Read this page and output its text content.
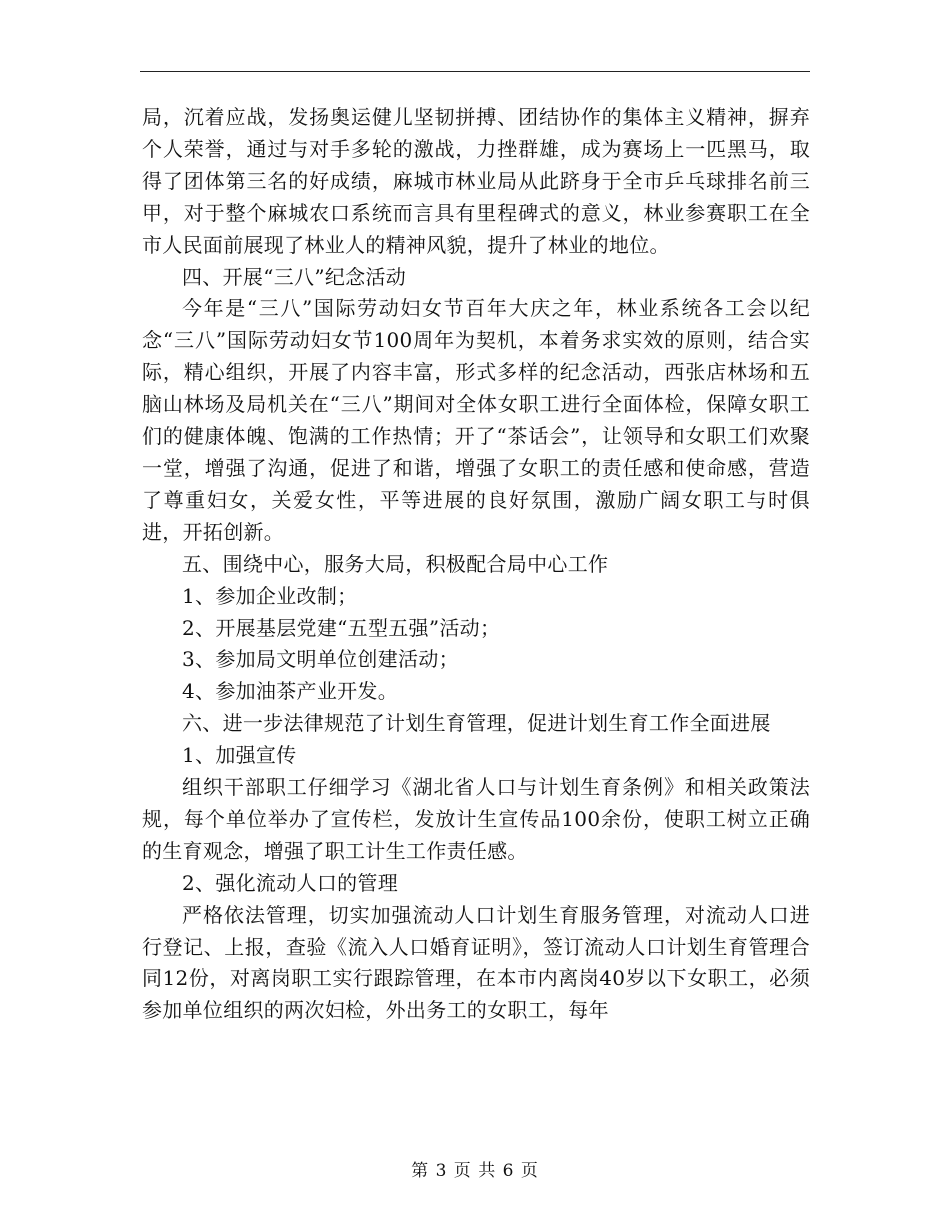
局，沉着应战，发扬奥运健儿坚韧拼搏、团结协作的集体主义精神，摒弃个人荣誉，通过与对手多轮的激战，力挫群雄，成为赛场上一匹黑马，取得了团体第三名的好成绩，麻城市林业局从此跻身于全市乒乓球排名前三甲，对于整个麻城农口系统而言具有里程碑式的意义，林业参赛职工在全市人民面前展现了林业人的精神风貌，提升了林业的地位。

四、开展“三八”纪念活动

今年是“三八”国际劳动妇女节百年大庆之年，林业系统各工会以纪念“三八”国际劳动妇女节100周年为契机，本着务求实效的原则，结合实际，精心组织，开展了内容丰富，形式多样的纪念活动，西张店林场和五脑山林场及局机关在“三八”期间对全体女职工进行全面体检，保障女职工们的健康体魄、饱满的工作热情；开了“茶话会”，让领导和女职工们欢聚一堂，增强了沟通，促进了和谐，增强了女职工的责任感和使命感，营造了尊重妇女，关爱女性，平等进展的良好氛围，激励广阔女职工与时俱进，开拓创新。

五、围绕中心，服务大局，积极配合局中心工作

1、参加企业改制；

2、开展基层党建“五型五强”活动；

3、参加局文明单位创建活动；

4、参加油茶产业开发。

六、进一步法律规范了计划生育管理，促进计划生育工作全面进展

1、加强宣传

组织干部职工仔细学习《湖北省人口与计划生育条例》和相关政策法规，每个单位举办了宣传栏，发放计生宣传品100余份，使职工树立正确的生育观念，增强了职工计生工作责任感。

2、强化流动人口的管理

严格依法管理，切实加强流动人口计划生育服务管理，对流动人口进行登记、上报，查验《流入人口婚育证明》，签订流动人口计划生育管理合同12份，对离岗职工实行跟踪管理，在本市内离岗40岁以下女职工，必须参加单位组织的两次妇检，外出务工的女职工，每年

第 3 页 共 6 页
